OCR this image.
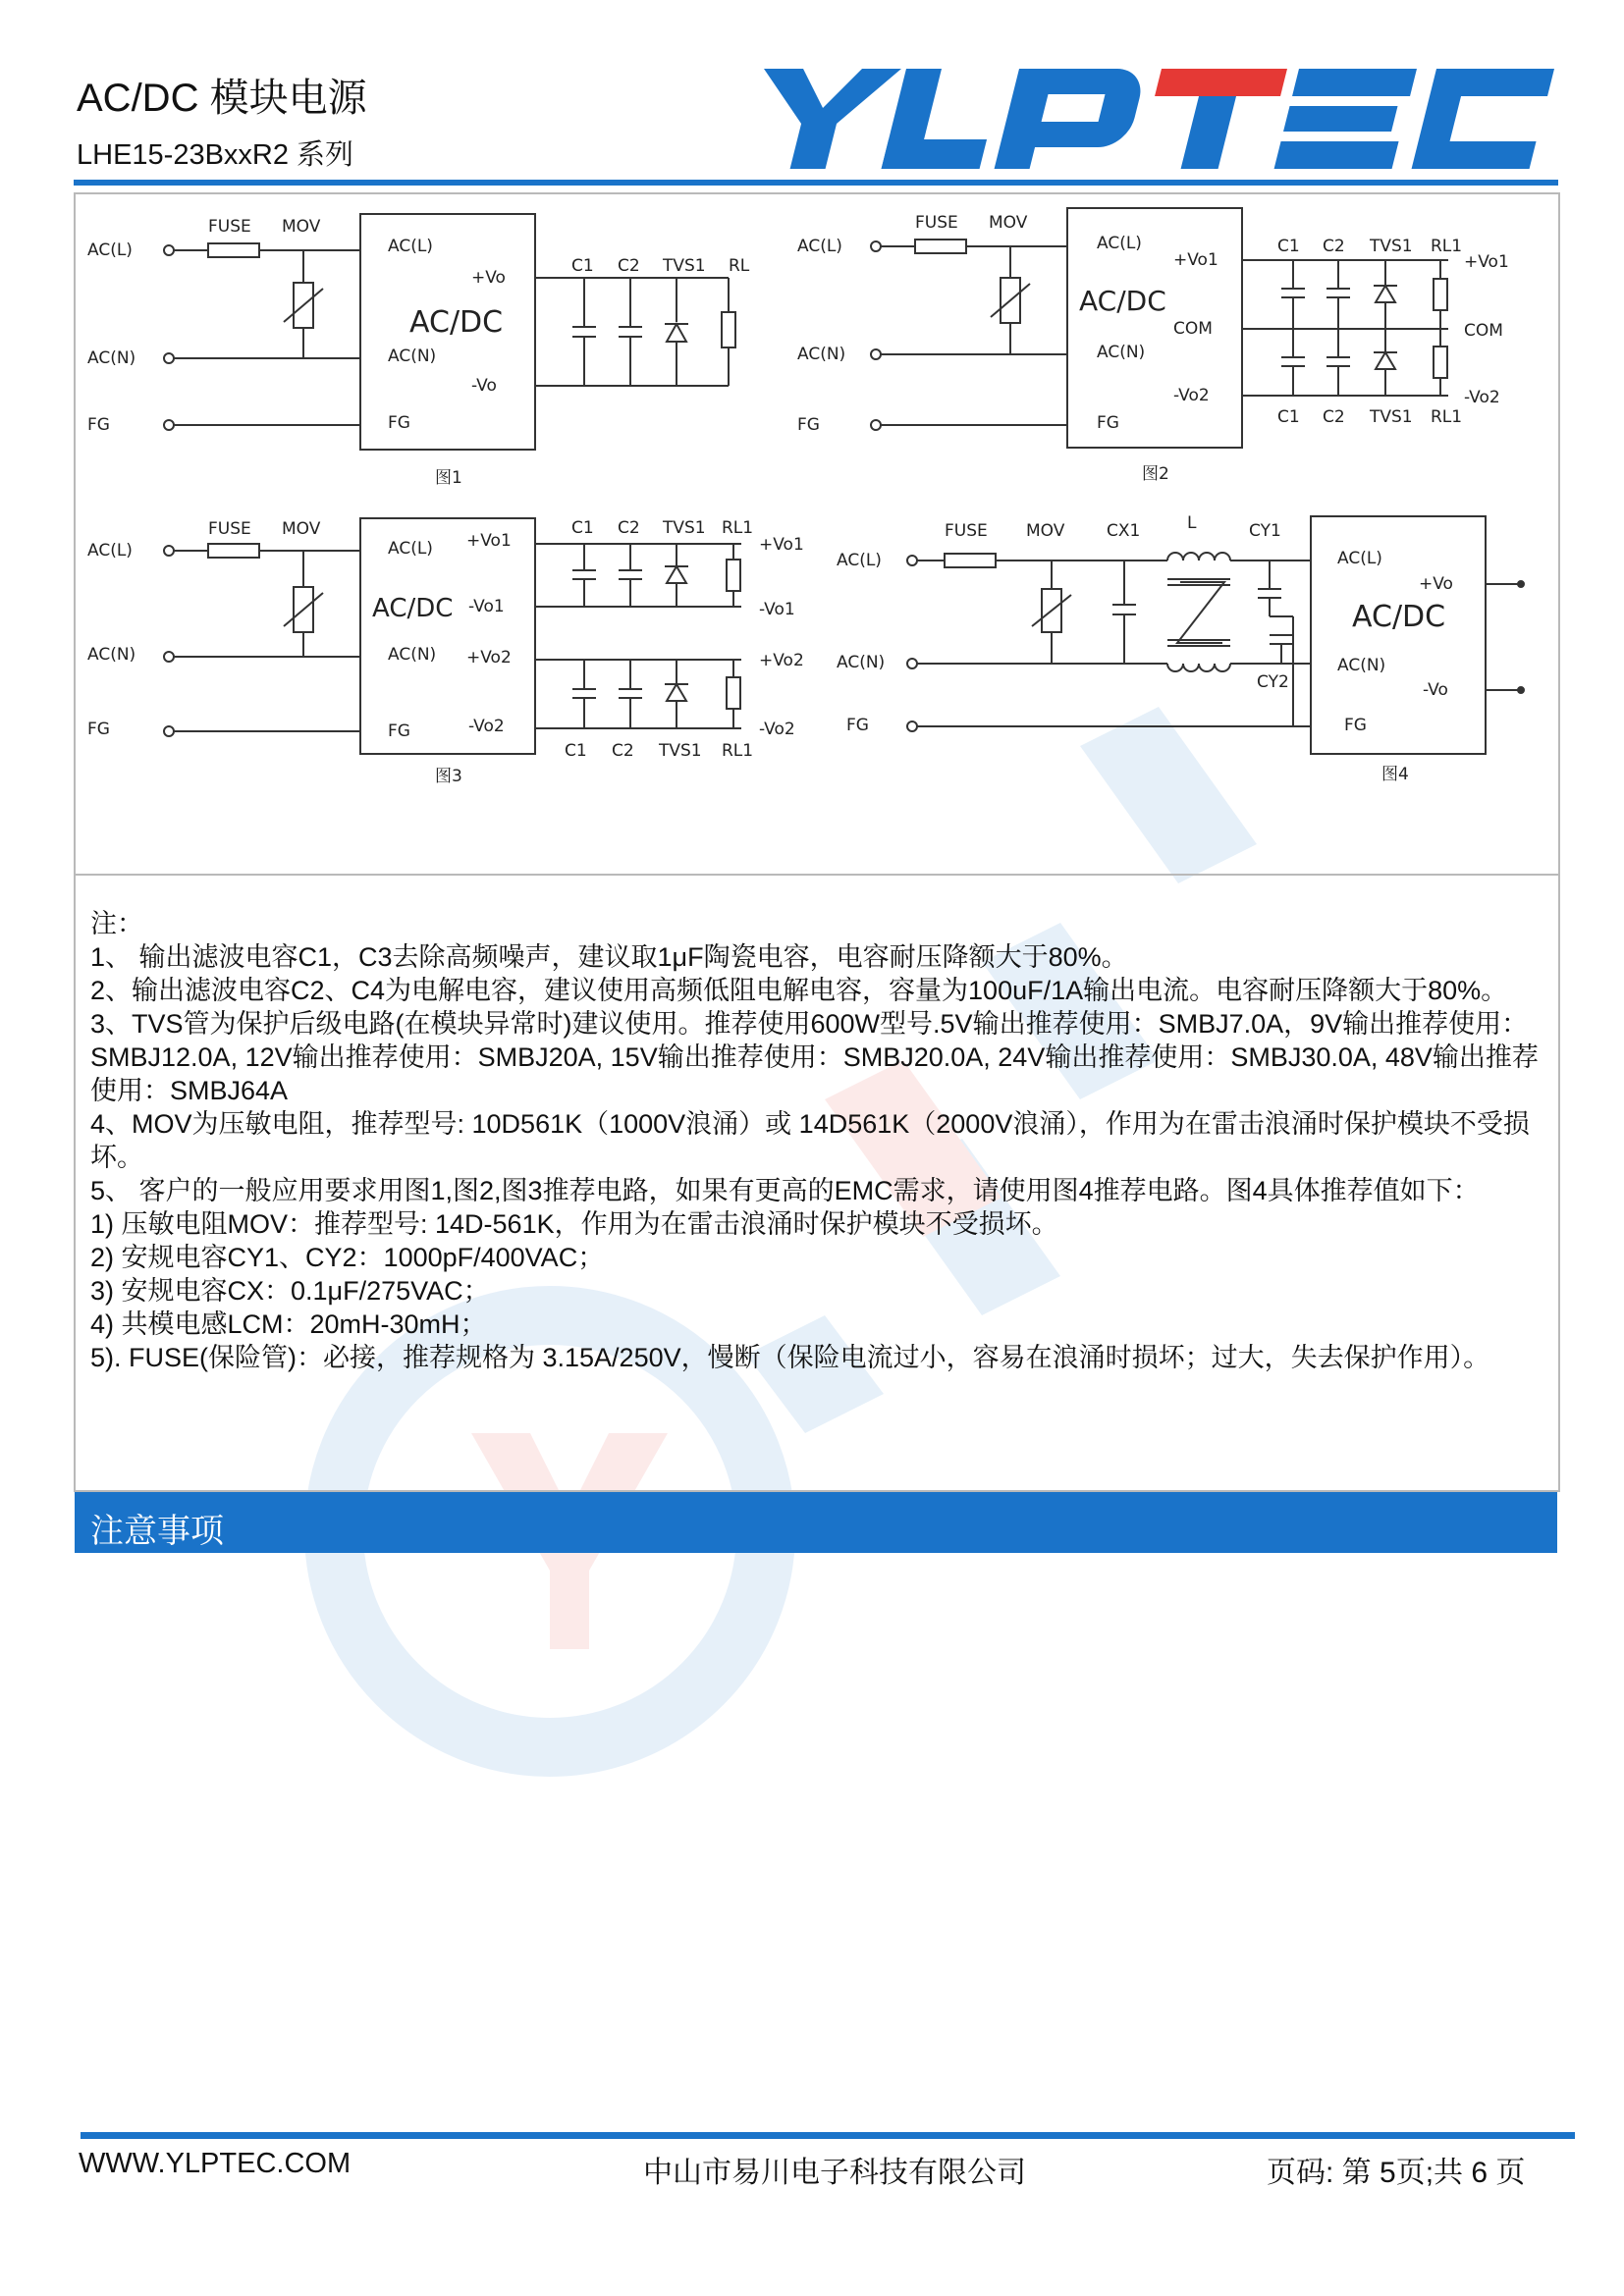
AC/DC 模块电源
LHE15-23BxxR2 系列
AC(L)
AC(N)
FG
FUSE MOV
AC(L)
AC(N)
FG
+Vo
-Vo
C1 C2 TVS1 RL
图1
AC/DC
AC(L)
AC(N)
FG
FUSE MOV
AC(L)
AC(N)
FG
+Vo1
COM
-Vo2
C1 C2 TVS1 RL1
C1 C2 TVS1 RL1
+Vo1
COM
-Vo2
图2
AC/DC
AC(L)
AC(N)
FG
FUSE MOV
AC(L)
AC(N)
FG
+Vo1
-Vo1
+Vo2
-Vo2
C1 C2 TVS1 RL1
C1 C2 TVS1 RL1
+Vo1
-Vo1
+Vo2
-Vo2
图3
AC/DC
AC(L)
AC(N)
FG
FUSE MOV	CX1	L	CY1
CY2
AC(L)
AC(N)
FG
+Vo
-Vo
图4
AC/DC

注：

1、 输出滤波电容C1，C3去除高频噪声，建议取1μF陶瓷电容，电容耐压降额大于80%。

2、输出滤波电容C2、C4为电解电容，建议使用高频低阻电解电容，容量为100uF/1A输出电流。电容耐压降额大于80%。

3、TVS管为保护后级电路(在模块异常时)建议使用。推荐使用600W型号.5V输出推荐使用：SMBJ7.0A，9V输出推荐使用：SMBJ12.0A, 12V输出推荐使用：SMBJ20A, 15V输出推荐使用：SMBJ20.0A, 24V输出推荐使用：SMBJ30.0A, 48V输出推荐使用：SMBJ64A

4、MOV为压敏电阻，推荐型号: 10D561K（1000V浪涌）或 14D561K（2000V浪涌），作用为在雷击浪涌时保护模块不受损坏。

5、 客户的一般应用要求用图1,图2,图3推荐电路，如果有更高的EMC需求，请使用图4推荐电路。图4具体推荐值如下：

1) 压敏电阻MOV：推荐型号: 14D-561K，作用为在雷击浪涌时保护模块不受损坏。

2) 安规电容CY1、CY2：1000pF/400VAC；

3) 安规电容CX：0.1μF/275VAC；

4) 共模电感LCM：20mH-30mH；

5). FUSE(保险管)：必接，推荐规格为 3.15A/250V，慢断（保险电流过小，容易在浪涌时损坏；过大，失去保护作用）。

注意事项
WWW.YLPTEC.COM	中山市易川电子科技有限公司	页码: 第 5页;共 6 页
